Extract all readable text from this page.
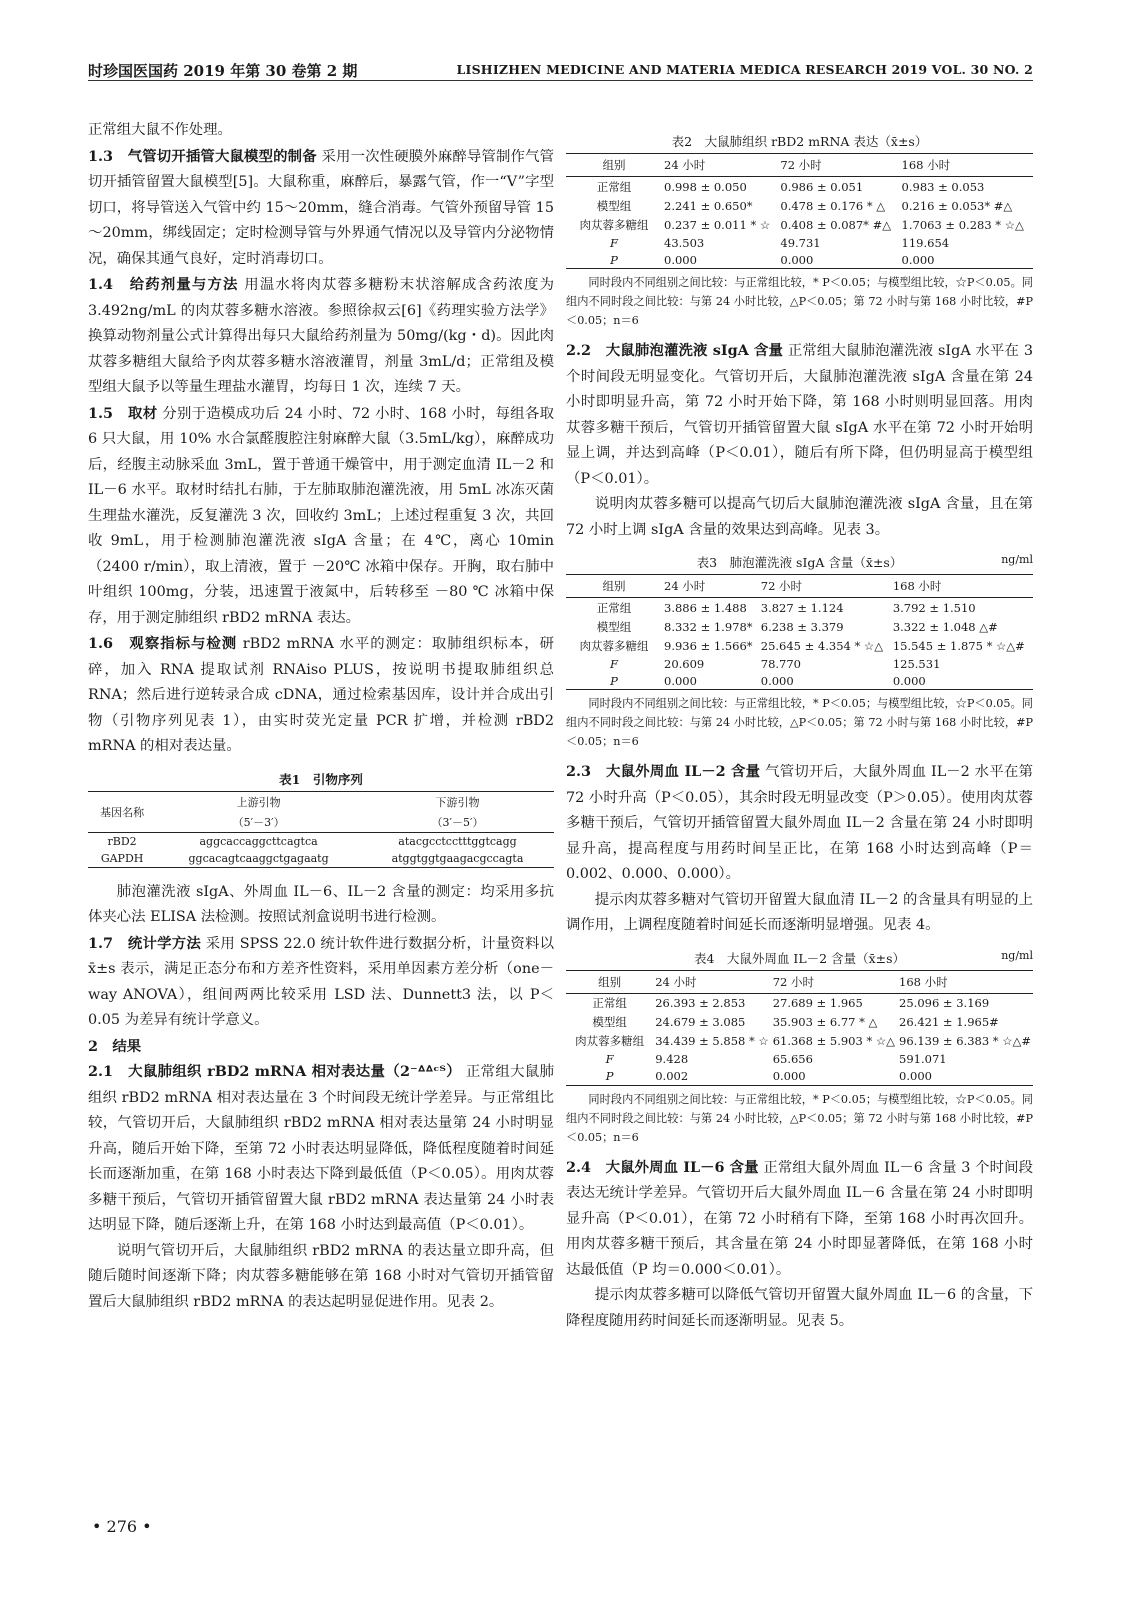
时珍国医国药 2019 年第 30 卷第 2 期	LISHIZHEN MEDICINE AND MATERIA MEDICA RESEARCH 2019 VOL. 30 NO. 2

正常组大鼠不作处理。

1.3　气管切开插管大鼠模型的制备 采用一次性硬膜外麻醉导管制作气管切开插管留置大鼠模型[5]。大鼠称重，麻醉后，暴露气管，作一“V”字型切口，将导管送入气管中约 15～20mm，缝合消毒。气管外预留导管 15～20mm，绑线固定；定时检测导管与外界通气情况以及导管内分泌物情况，确保其通气良好，定时消毒切口。

1.4　给药剂量与方法 用温水将肉苁蓉多糖粉末状溶解成含药浓度为 3.492ng/mL 的肉苁蓉多糖水溶液。参照徐叔云[6]《药理实验方法学》换算动物剂量公式计算得出每只大鼠给药剂量为 50mg/(kg・d)。因此肉苁蓉多糖组大鼠给予肉苁蓉多糖水溶液灌胃，剂量 3mL/d；正常组及模型组大鼠予以等量生理盐水灌胃，均每日 1 次，连续 7 天。

1.5　取材 分别于造模成功后 24 小时、72 小时、168 小时，每组各取 6 只大鼠，用 10% 水合氯醛腹腔注射麻醉大鼠（3.5mL/kg），麻醉成功后，经腹主动脉采血 3mL，置于普通干燥管中，用于测定血清 IL－2 和 IL－6 水平。取材时结扎右肺，于左肺取肺泡灌洗液，用 5mL 冰冻灭菌生理盐水灌洗，反复灌洗 3 次，回收约 3mL；上述过程重复 3 次，共回收 9mL，用于检测肺泡灌洗液 sIgA 含量；在 4℃，离心 10min（2400 r/min），取上清液，置于 －20℃ 冰箱中保存。开胸，取右肺中叶组织 100mg，分装，迅速置于液氮中，后转移至 －80 ℃ 冰箱中保存，用于测定肺组织 rBD2 mRNA 表达。

1.6　观察指标与检测 rBD2 mRNA 水平的测定：取肺组织标本，研碎，加入 RNA 提取试剂 RNAiso PLUS，按说明书提取肺组织总 RNA；然后进行逆转录合成 cDNA，通过检索基因库，设计并合成出引物（引物序列见表 1），由实时荧光定量 PCR 扩增，并检测 rBD2 mRNA 的相对表达量。

表1　引物序列
基因名称	上游引物	下游引物
	（5′－3′）	（3′－5′）
rBD2	aggcaccaggcttcagtca	atacgcctcctttggtcagg
GAPDH	ggcacagtcaaggctgagaatg	atggtggtgaagacgccagta

肺泡灌洗液 sIgA、外周血 IL－6、IL－2 含量的测定：均采用多抗体夹心法 ELISA 法检测。按照试剂盒说明书进行检测。

1.7　统计学方法 采用 SPSS 22.0 统计软件进行数据分析，计量资料以 x̄±s 表示，满足正态分布和方差齐性资料，采用单因素方差分析（one－way ANOVA），组间两两比较采用 LSD 法、Dunnett3 法，以 P＜0.05 为差异有统计学意义。

2　结果

2.1　大鼠肺组织 rBD2 mRNA 相对表达量（2⁻ᐞᐞᶜᵀ） 正常组大鼠肺组织 rBD2 mRNA 相对表达量在 3 个时间段无统计学差异。与正常组比较，气管切开后，大鼠肺组织 rBD2 mRNA 相对表达量第 24 小时明显升高，随后开始下降，至第 72 小时表达明显降低，降低程度随着时间延长而逐渐加重，在第 168 小时表达下降到最低值（P＜0.05）。用肉苁蓉多糖干预后，气管切开插管留置大鼠 rBD2 mRNA 表达量第 24 小时表达明显下降，随后逐渐上升，在第 168 小时达到最高值（P＜0.01）。

说明气管切开后，大鼠肺组织 rBD2 mRNA 的表达量立即升高，但随后随时间逐渐下降；肉苁蓉多糖能够在第 168 小时对气管切开插管留置后大鼠肺组织 rBD2 mRNA 的表达起明显促进作用。见表 2。

表2　大鼠肺组织 rBD2 mRNA 表达（x̄±s）
组别	24 小时	72 小时	168 小时
正常组	0.998 ± 0.050	0.986 ± 0.051	0.983 ± 0.053
模型组	2.241 ± 0.650*	0.478 ± 0.176 * △	0.216 ± 0.053* #△
肉苁蓉多糖组	0.237 ± 0.011 * ☆	0.408 ± 0.087* #△	1.7063 ± 0.283 * ☆△
F	43.503	49.731	119.654
P	0.000	0.000	0.000
同时段内不同组别之间比较：与正常组比较，* P＜0.05；与模型组比较，☆P＜0.05。同组内不同时段之间比较：与第 24 小时比较，△P＜0.05；第 72 小时与第 168 小时比较，#P＜0.05；n＝6

2.2　大鼠肺泡灌洗液 sIgA 含量 正常组大鼠肺泡灌洗液 sIgA 水平在 3 个时间段无明显变化。气管切开后，大鼠肺泡灌洗液 sIgA 含量在第 24 小时即明显升高，第 72 小时开始下降，第 168 小时则明显回落。用肉苁蓉多糖干预后，气管切开插管留置大鼠 sIgA 水平在第 72 小时开始明显上调，并达到高峰（P＜0.01），随后有所下降，但仍明显高于模型组（P＜0.01）。

说明肉苁蓉多糖可以提高气切后大鼠肺泡灌洗液 sIgA 含量，且在第 72 小时上调 sIgA 含量的效果达到高峰。见表 3。

表3　肺泡灌洗液 sIgA 含量（x̄±s）	ng/ml
组别	24 小时	72 小时	168 小时
正常组	3.886 ± 1.488	3.827 ± 1.124	3.792 ± 1.510
模型组	8.332 ± 1.978*	6.238 ± 3.379	3.322 ± 1.048 △#
肉苁蓉多糖组	9.936 ± 1.566*	25.645 ± 4.354 * ☆△	15.545 ± 1.875 * ☆△#
F	20.609	78.770	125.531
P	0.000	0.000	0.000
同时段内不同组别之间比较：与正常组比较，* P＜0.05；与模型组比较，☆P＜0.05。同组内不同时段之间比较：与第 24 小时比较，△P＜0.05；第 72 小时与第 168 小时比较，#P＜0.05；n＝6

2.3　大鼠外周血 IL－2 含量 气管切开后，大鼠外周血 IL－2 水平在第 72 小时升高（P＜0.05），其余时段无明显改变（P＞0.05）。使用肉苁蓉多糖干预后，气管切开插管留置大鼠外周血 IL－2 含量在第 24 小时即明显升高，提高程度与用药时间呈正比，在第 168 小时达到高峰（P＝0.002、0.000、0.000）。

提示肉苁蓉多糖对气管切开留置大鼠血清 IL－2 的含量具有明显的上调作用，上调程度随着时间延长而逐渐明显增强。见表 4。

表4　大鼠外周血 IL－2 含量（x̄±s）	ng/ml
组别	24 小时	72 小时	168 小时
正常组	26.393 ± 2.853	27.689 ± 1.965	25.096 ± 3.169
模型组	24.679 ± 3.085	35.903 ± 6.77 * △	26.421 ± 1.965#
肉苁蓉多糖组	34.439 ± 5.858 * ☆	61.368 ± 5.903 * ☆△	96.139 ± 6.383 * ☆△#
F	9.428	65.656	591.071
P	0.002	0.000	0.000
同时段内不同组别之间比较：与正常组比较，* P＜0.05；与模型组比较，☆P＜0.05。同组内不同时段之间比较：与第 24 小时比较，△P＜0.05；第 72 小时与第 168 小时比较，#P＜0.05；n＝6

2.4　大鼠外周血 IL－6 含量 正常组大鼠外周血 IL－6 含量 3 个时间段表达无统计学差异。气管切开后大鼠外周血 IL－6 含量在第 24 小时即明显升高（P＜0.01），在第 72 小时稍有下降，至第 168 小时再次回升。用肉苁蓉多糖干预后，其含量在第 24 小时即显著降低，在第 168 小时达最低值（P 均＝0.000＜0.01）。

提示肉苁蓉多糖可以降低气管切开留置大鼠外周血 IL－6 的含量，下降程度随用药时间延长而逐渐明显。见表 5。

• 276 •
